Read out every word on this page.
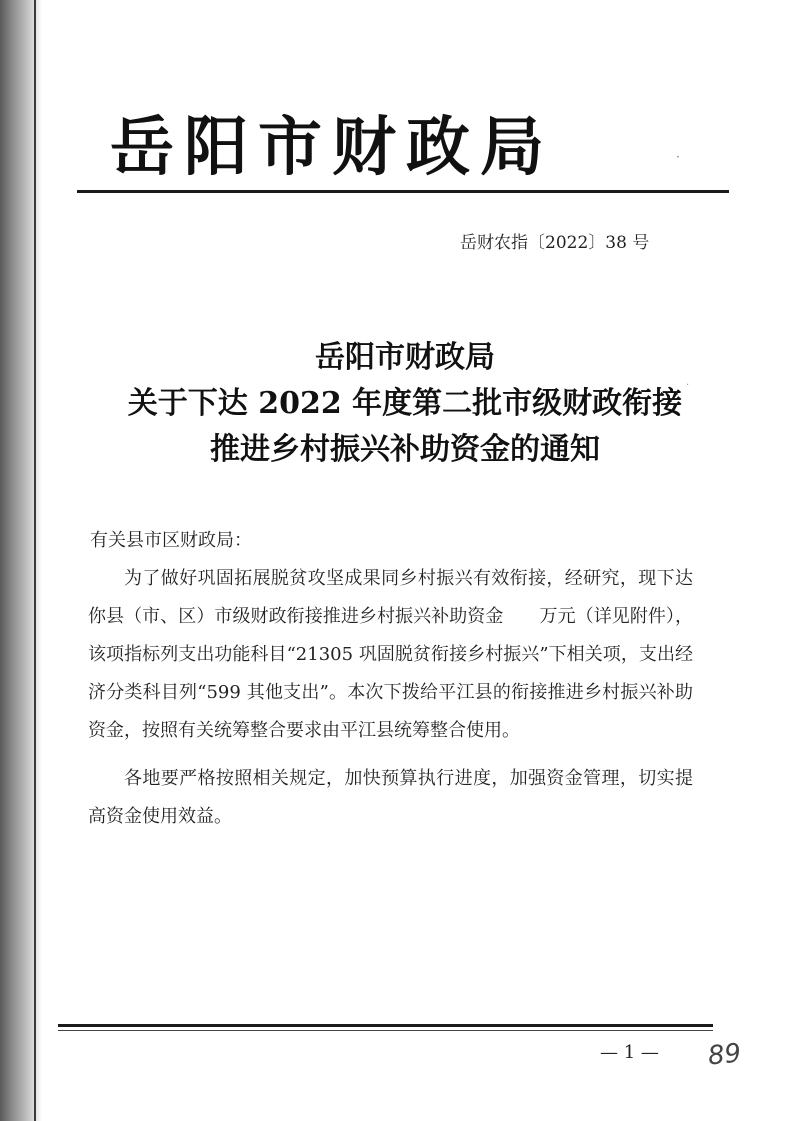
岳阳市财政局	·
岳财农指〔2022〕38 号
岳阳市财政局
关于下达 2022 年度第二批市级财政衔接
推进乡村振兴补助资金的通知
·
有关县市区财政局：

为了做好巩固拓展脱贫攻坚成果同乡村振兴有效衔接，经研究，现下达你县（市、区）市级财政衔接推进乡村振兴补助资金　　万元（详见附件），该项指标列支出功能科目“21305 巩固脱贫衔接乡村振兴”下相关项，支出经济分类科目列“599 其他支出”。本次下拨给平江县的衔接推进乡村振兴补助资金，按照有关统筹整合要求由平江县统筹整合使用。

各地要严格按照相关规定，加快预算执行进度，加强资金管理，切实提高资金使用效益。

— 1 — 89
